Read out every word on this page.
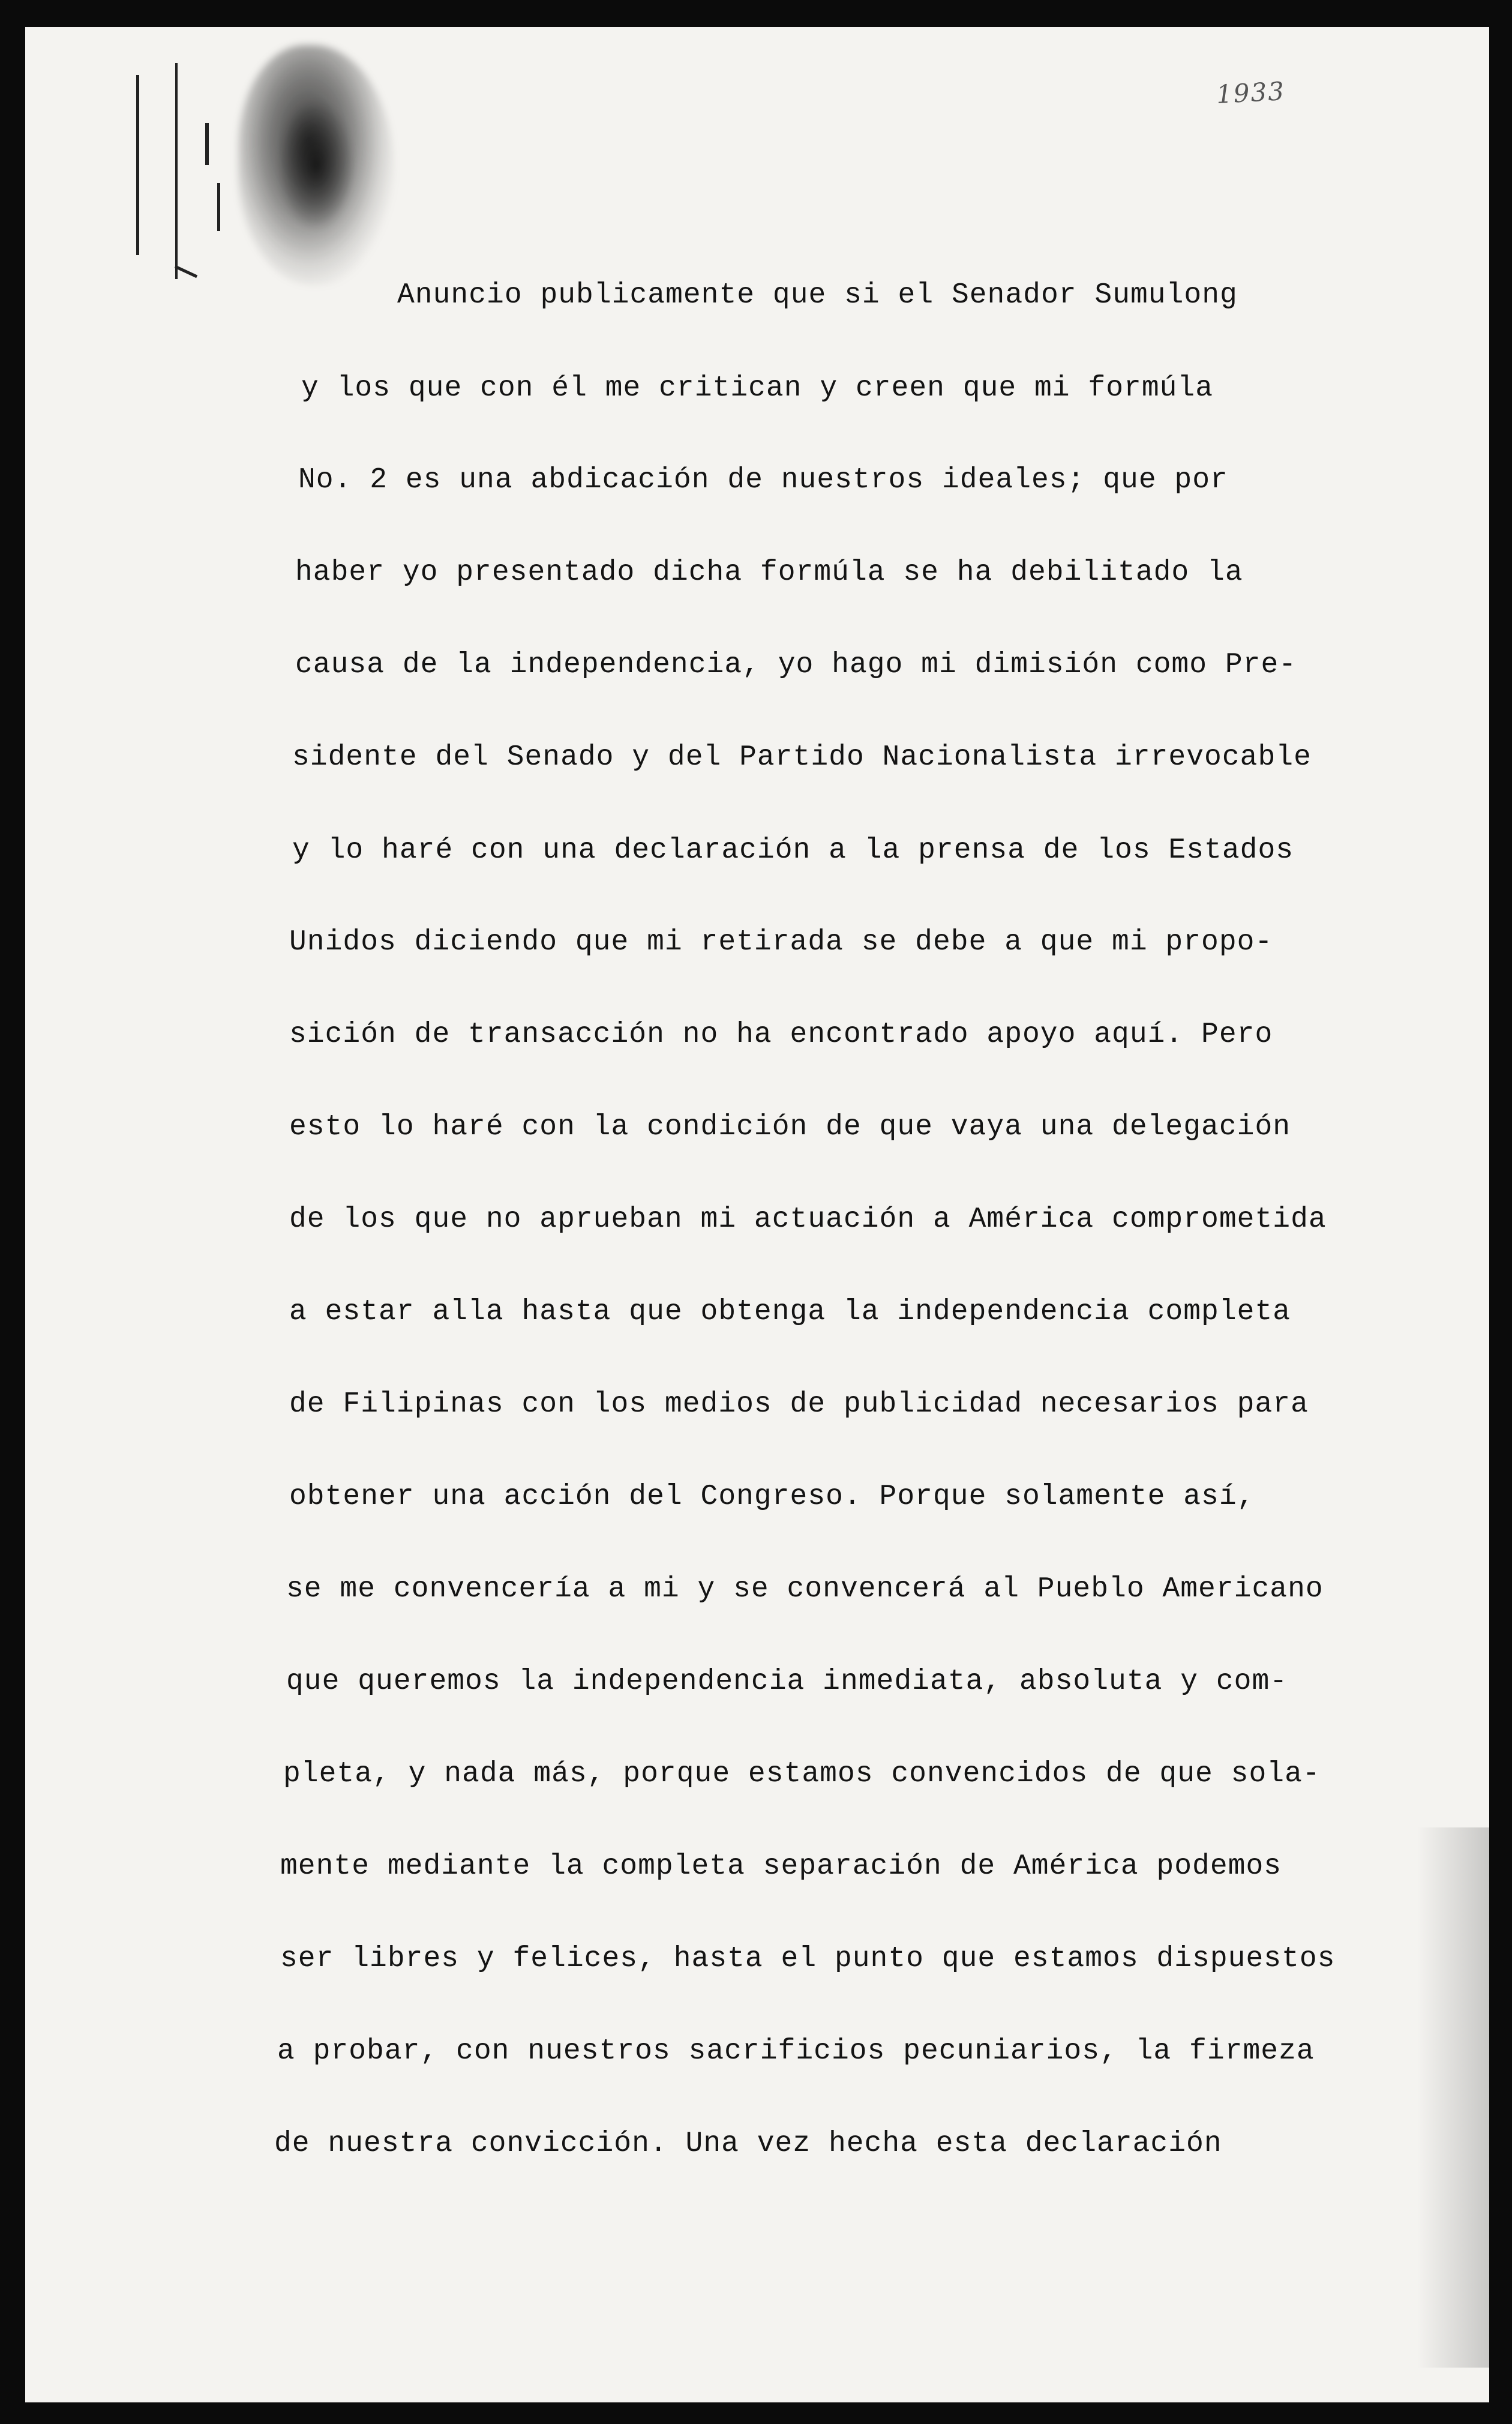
1933
Anuncio publicamente que si el Senador Sumulong
y los que con él me critican y creen que mi formúla
No. 2 es una abdicación de nuestros ideales; que por
haber yo presentado dicha formúla se ha debilitado la
causa de la independencia, yo hago mi dimisión como Pre-
sidente del Senado y del Partido Nacionalista irrevocable
y lo haré con una declaración a la prensa de los Estados
Unidos diciendo que mi retirada se debe a que mi propo-
sición de transacción no ha encontrado apoyo aquí. Pero
esto lo haré con la condición de que vaya una delegación
de los que no aprueban mi actuación a América comprometida
a estar alla hasta que obtenga la independencia completa
de Filipinas con los medios de publicidad necesarios para
obtener una acción del Congreso. Porque solamente así,
se me convencería a mi y se convencerá al Pueblo Americano
que queremos la independencia inmediata, absoluta y com-
pleta, y nada más, porque estamos convencidos de que sola-
mente mediante la completa separación de América podemos
ser libres y felices, hasta el punto que estamos dispuestos
a probar, con nuestros sacrificios pecuniarios, la firmeza
de nuestra convicción. Una vez hecha esta declaración
